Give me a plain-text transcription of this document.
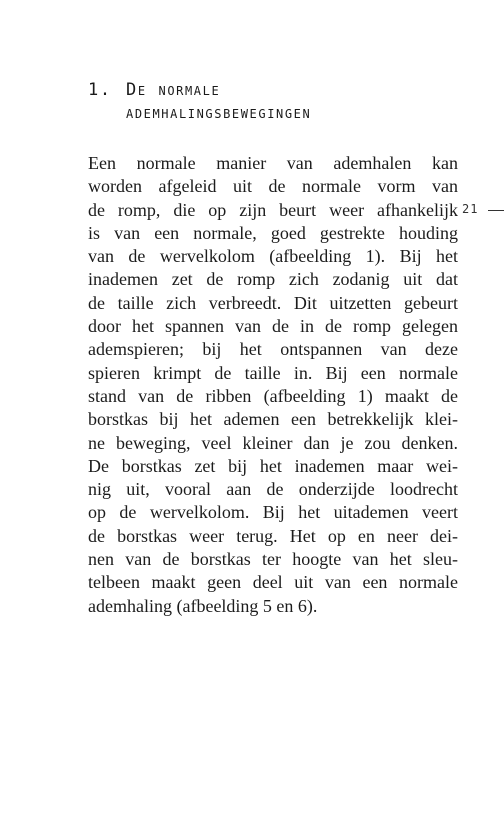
1. De normale
ademhalingsbewegingen
Een normale manier van ademhalen kan
worden afgeleid uit de normale vorm van
de romp, die op zijn beurt weer afhankelijk
is van een normale, goed gestrekte houding
van de wervelkolom (afbeelding 1). Bij het
inademen zet de romp zich zodanig uit dat
de taille zich verbreedt. Dit uitzetten gebeurt
door het spannen van de in de romp gelegen
ademspieren; bij het ontspannen van deze
spieren krimpt de taille in. Bij een normale
stand van de ribben (afbeelding 1) maakt de
borstkas bij het ademen een betrekkelijk klei-
ne beweging, veel kleiner dan je zou denken.
De borstkas zet bij het inademen maar wei-
nig uit, vooral aan de onderzijde loodrecht
op de wervelkolom. Bij het uitademen veert
de borstkas weer terug. Het op en neer dei-
nen van de borstkas ter hoogte van het sleu-
telbeen maakt geen deel uit van een normale
ademhaling (afbeelding 5 en 6).
21
